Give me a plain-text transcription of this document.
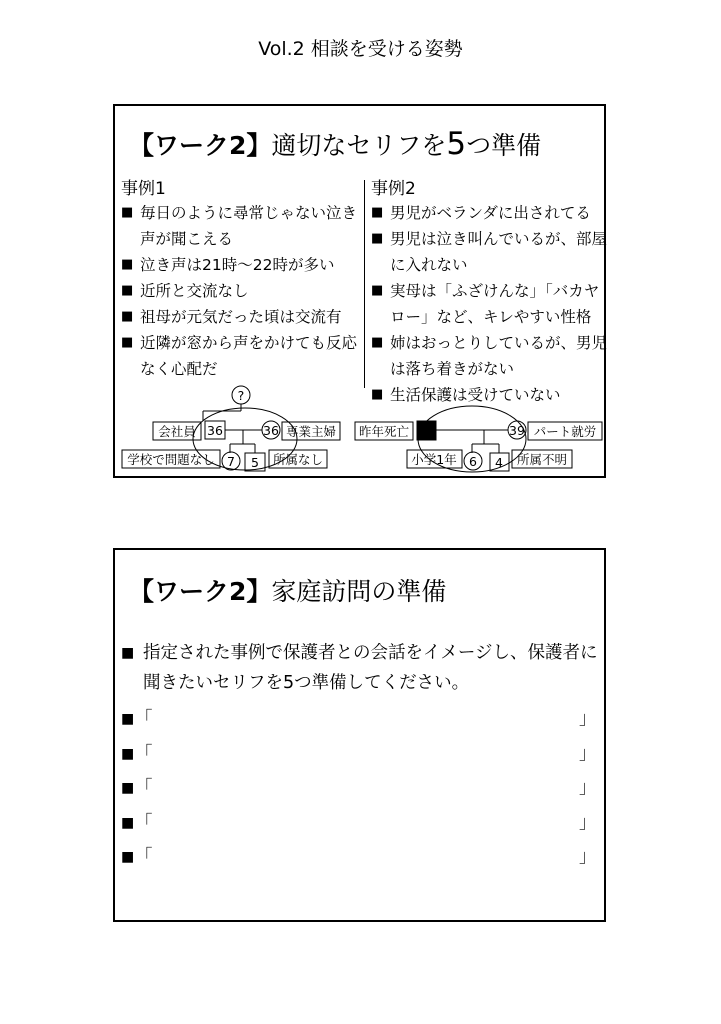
Vol.2 相談を受ける姿勢
【ワーク2】適切なセリフを5つ準備
事例1	事例2
■ 毎日のように尋常じゃない泣き声が聞こえる
■ 泣き声は21時～22時が多い
■ 近所と交流なし
■ 祖母が元気だった頃は交流有
■ 近隣が窓から声をかけても反応なく心配だ
■ 男児がベランダに出されてる
■ 男児は泣き叫んでいるが、部屋に入れない
■ 実母は「ふざけんな」「バカヤロー」など、キレやすい性格
■ 姉はおっとりしているが、男児は落ち着きがない
■ 生活保護は受けていない
?
会社員 36	36 専業主婦
学校で問題なし 7 5 所属なし
昨年死亡	39 パート就労
小学1年 6 4 所属不明
【ワーク2】家庭訪問の準備
■ 指定された事例で保護者との会話をイメージし、保護者に聞きたいセリフを5つ準備してください。
■ 「	」
■ 「	」
■ 「	」
■ 「	」
■ 「	」
